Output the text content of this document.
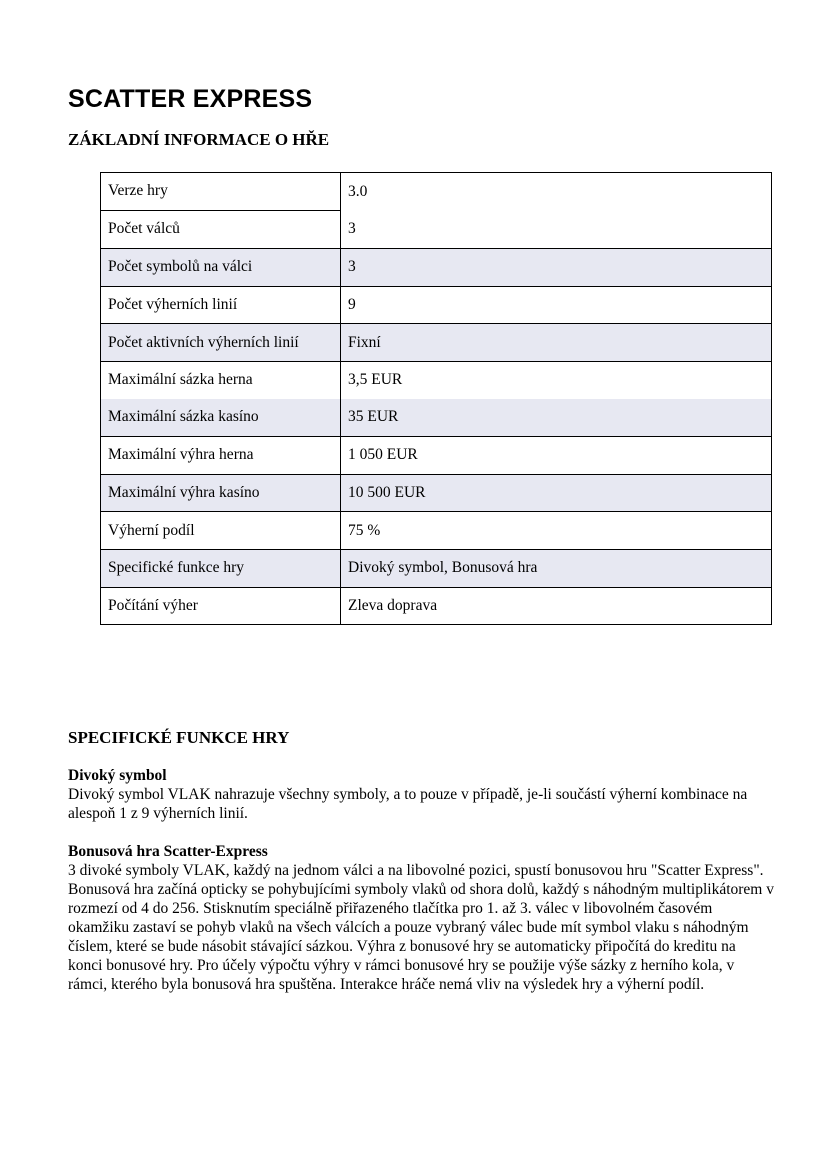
SCATTER EXPRESS
ZÁKLADNÍ INFORMACE O HŘE
Verze hry	3.0
Počet válců	3
Počet symbolů na válci	3
Počet výherních linií	9
Počet aktivních výherních linií	Fixní
Maximální sázka herna	3,5 EUR
Maximální sázka kasíno	35 EUR
Maximální výhra herna	1 050 EUR
Maximální výhra kasíno	10 500 EUR
Výherní podíl	75 %
Specifické funkce hry	Divoký symbol, Bonusová hra
Počítání výher	Zleva doprava
SPECIFICKÉ FUNKCE HRY
Divoký symbol
Divoký symbol VLAK nahrazuje všechny symboly, a to pouze v případě, je-li součástí výherní kombinace na alespoň 1 z 9 výherních linií.
Bonusová hra Scatter-Express
3 divoké symboly VLAK, každý na jednom válci a na libovolné pozici, spustí bonusovou hru "Scatter Express". Bonusová hra začíná opticky se pohybujícími symboly vlaků od shora dolů, každý s náhodným multiplikátorem v rozmezí od 4 do 256. Stisknutím speciálně přiřazeného tlačítka pro 1. až 3. válec v libovolném časovém okamžiku zastaví se pohyb vlaků na všech válcích a pouze vybraný válec bude mít symbol vlaku s náhodným číslem, které se bude násobit stávající sázkou. Výhra z bonusové hry se automaticky připočítá do kreditu na konci bonusové hry. Pro účely výpočtu výhry v rámci bonusové hry se použije výše sázky z herního kola, v rámci, kterého byla bonusová hra spuštěna. Interakce hráče nemá vliv na výsledek hry a výherní podíl.
